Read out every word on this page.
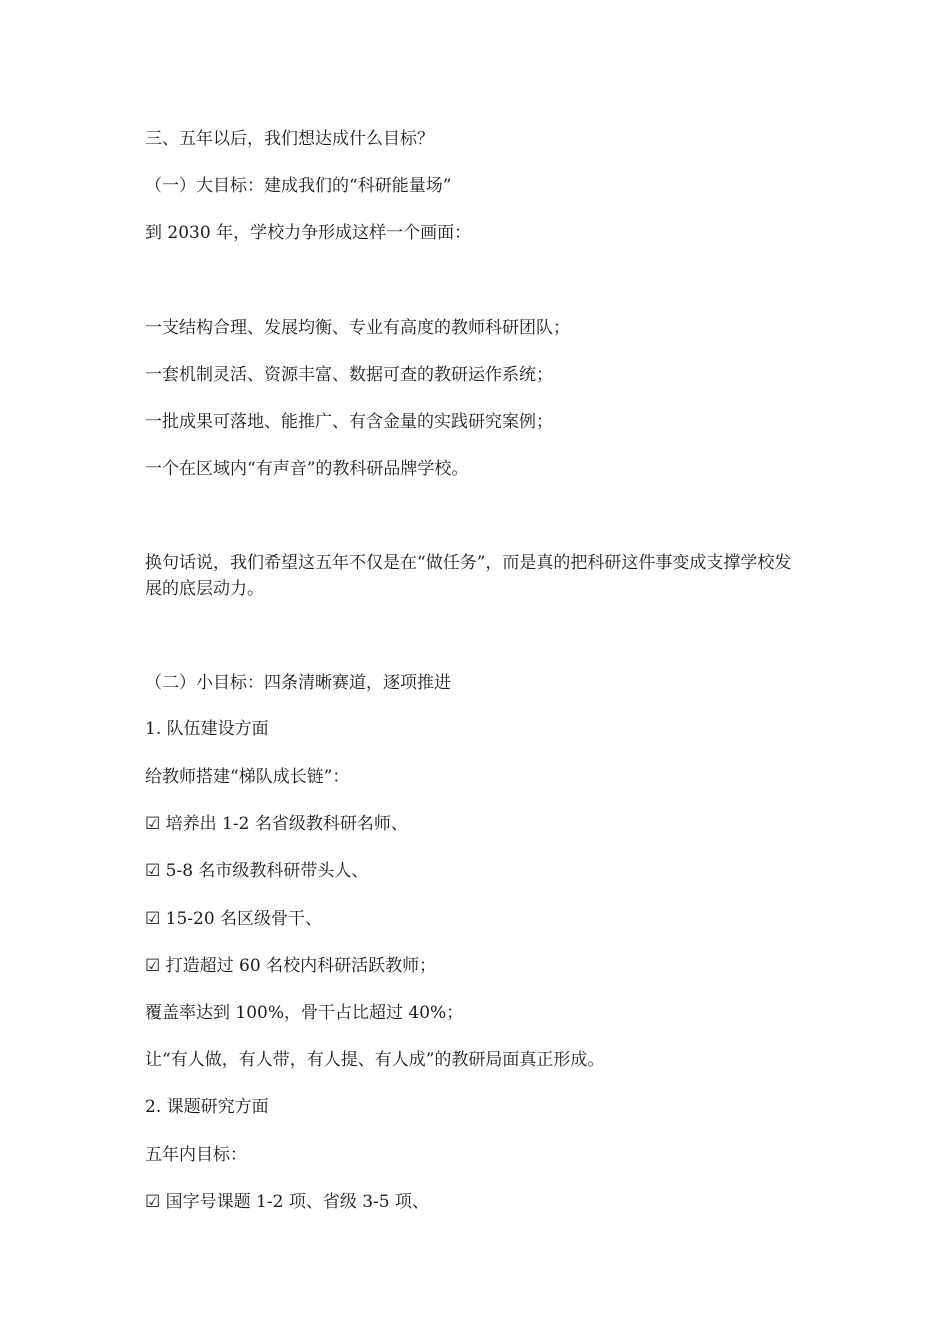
三、五年以后，我们想达成什么目标？
（一）大目标：建成我们的“科研能量场”
到 2030 年，学校力争形成这样一个画面：
一支结构合理、发展均衡、专业有高度的教师科研团队；
一套机制灵活、资源丰富、数据可查的教研运作系统；
一批成果可落地、能推广、有含金量的实践研究案例；
一个在区域内“有声音”的教科研品牌学校。
换句话说，我们希望这五年不仅是在“做任务”，而是真的把科研这件事变成支撑学校发展的底层动力。
（二）小目标：四条清晰赛道，逐项推进
1. 队伍建设方面
给教师搭建“梯队成长链”：
☑ 培养出 1-2 名省级教科研名师、
☑ 5-8 名市级教科研带头人、
☑ 15-20 名区级骨干、
☑ 打造超过 60 名校内科研活跃教师；
覆盖率达到 100%，骨干占比超过 40%；
让“有人做，有人带，有人提、有人成”的教研局面真正形成。
2. 课题研究方面
五年内目标：
☑ 国字号课题 1-2 项、省级 3-5 项、
